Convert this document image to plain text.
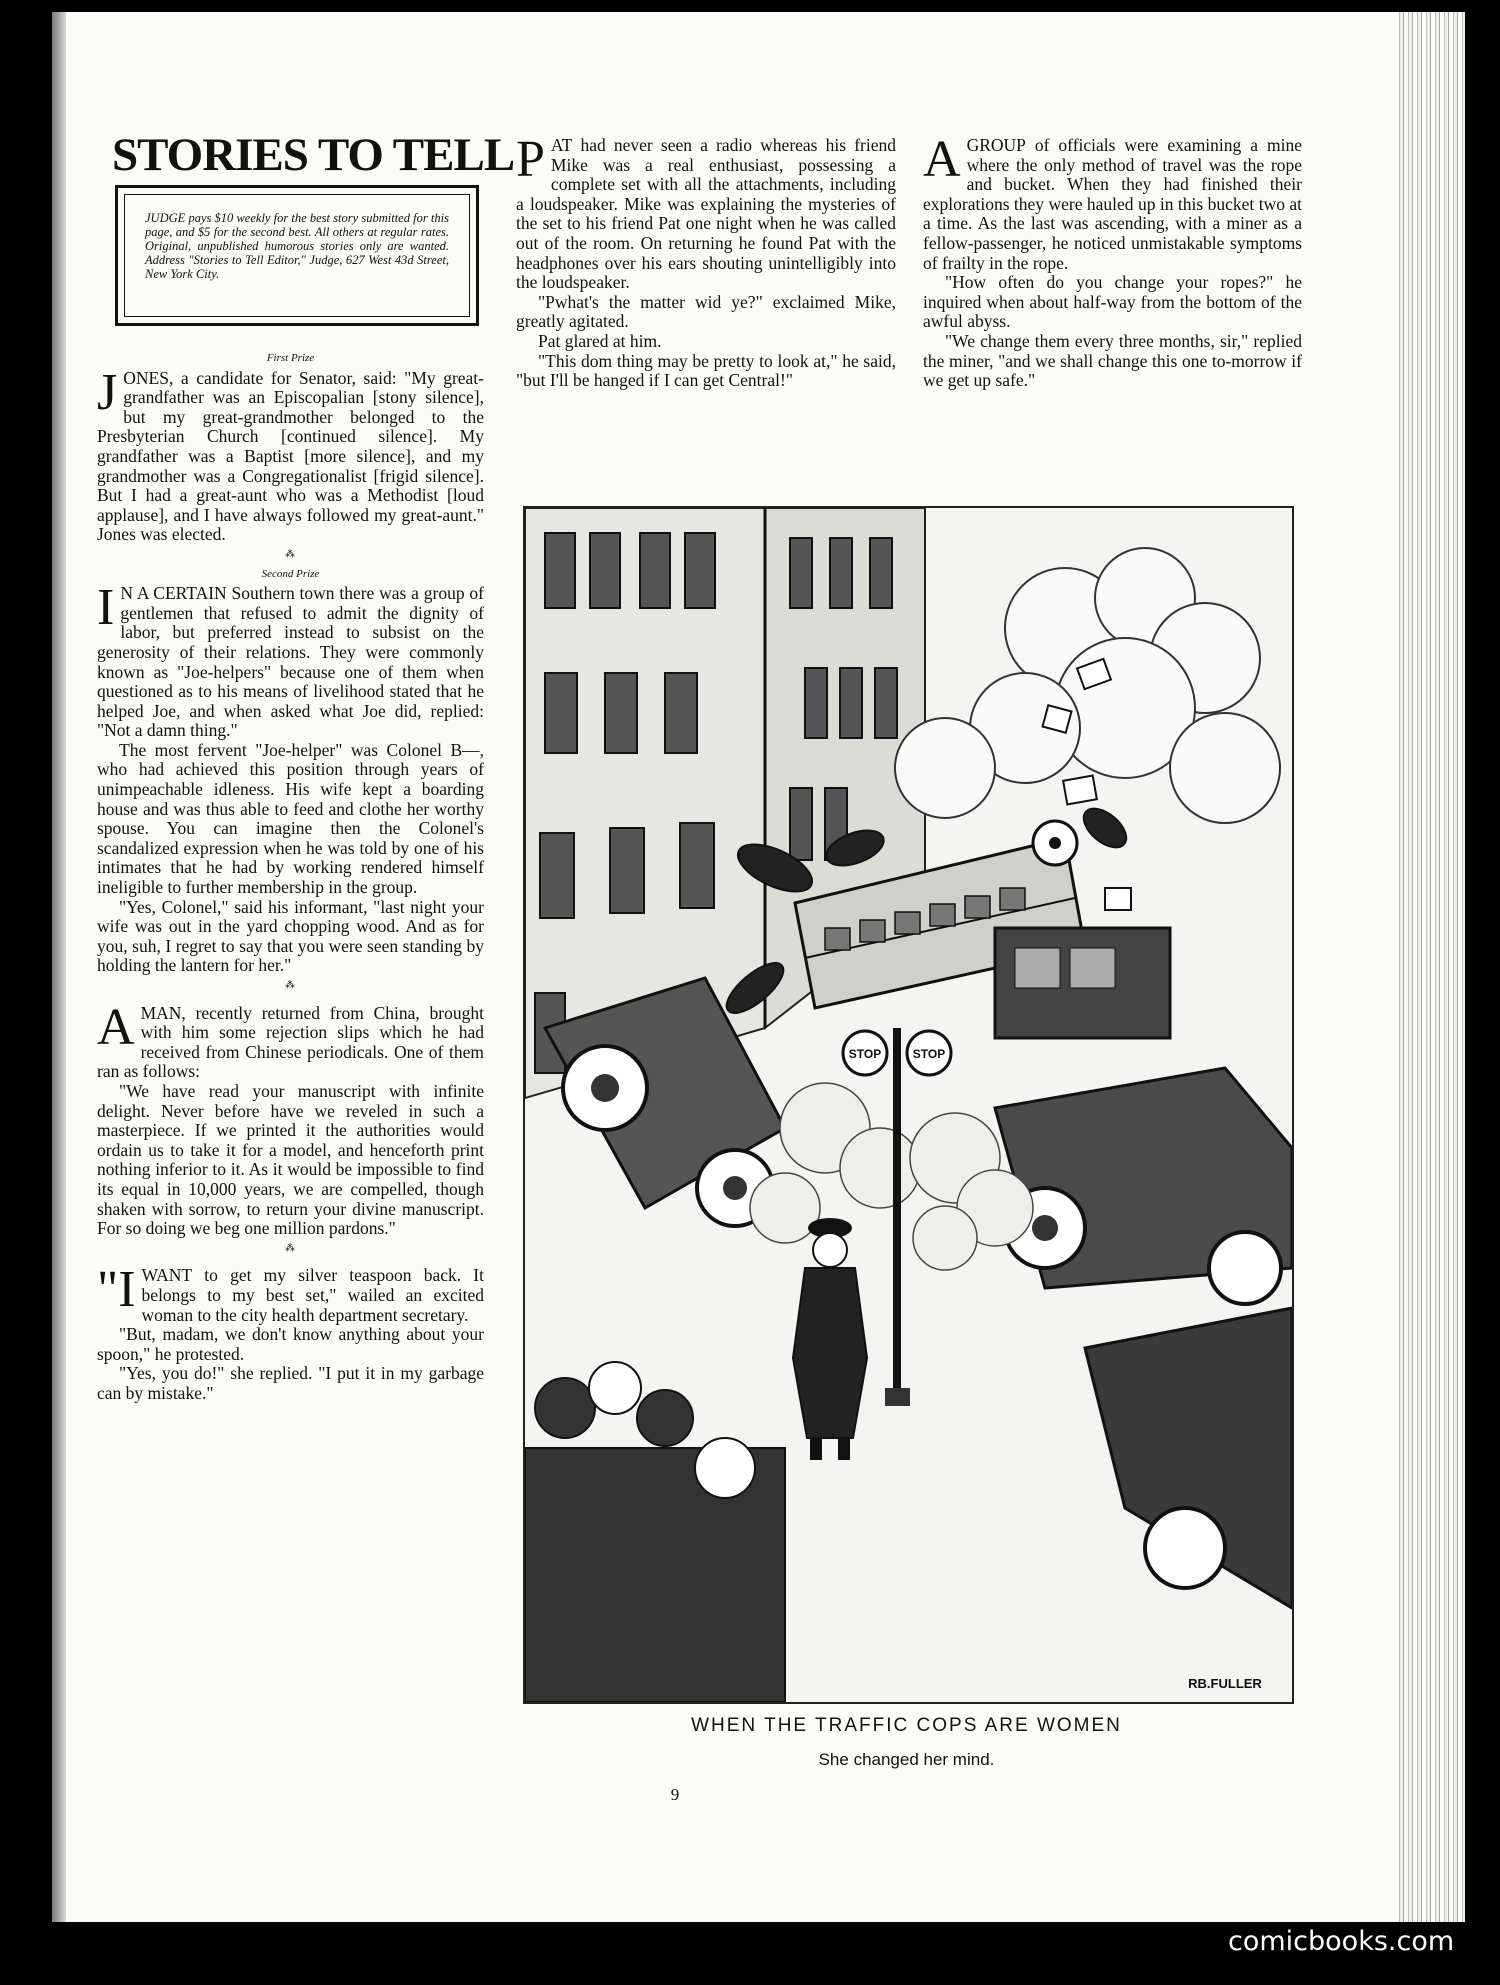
STORIES TO TELL
JUDGE pays $10 weekly for the best story submitted for this page, and $5 for the second best. All others at regular rates. Original, unpublished humorous stories only are wanted. Address "Stories to Tell Editor," Judge, 627 West 43d Street, New York City.

First Prize

JONES, a candidate for Senator, said: "My great-grandfather was an Episcopalian [stony silence], but my great-grandmother belonged to the Presbyterian Church [continued silence]. My grandfather was a Baptist [more silence], and my grandmother was a Congregationalist [frigid silence]. But I had a great-aunt who was a Methodist [loud applause], and I have always followed my great-aunt." Jones was elected.

⁂

Second Prize

I N A CERTAIN Southern town there was a group of gentlemen that refused to admit the dignity of labor, but preferred instead to subsist on the generosity of their relations. They were commonly known as "Joe-helpers" because one of them when questioned as to his means of livelihood stated that he helped Joe, and when asked what Joe did, replied: "Not a damn thing."

The most fervent "Joe-helper" was Colonel B—, who had achieved this position through years of unimpeachable idleness. His wife kept a boarding house and was thus able to feed and clothe her worthy spouse. You can imagine then the Colonel's scandalized expression when he was told by one of his intimates that he had by working rendered himself ineligible to further membership in the group.

"Yes, Colonel," said his informant, "last night your wife was out in the yard chopping wood. And as for you, suh, I regret to say that you were seen standing by holding the lantern for her."

⁂

AMAN, recently returned from China, brought with him some rejection slips which he had received from Chinese periodicals. One of them ran as follows:

"We have read your manuscript with infinite delight. Never before have we reveled in such a masterpiece. If we printed it the authorities would ordain us to take it for a model, and henceforth print nothing inferior to it. As it would be impossible to find its equal in 10,000 years, we are compelled, though shaken with sorrow, to return your divine manuscript. For so doing we beg one million pardons."

⁂

"IWANT to get my silver teaspoon back. It belongs to my best set," wailed an excited woman to the city health department secretary.

"But, madam, we don't know anything about your spoon," he protested.

"Yes, you do!" she replied. "I put it in my garbage can by mistake."

PAT had never seen a radio whereas his friend Mike was a real enthusiast, possessing a complete set with all the attachments, including a loudspeaker. Mike was explaining the mysteries of the set to his friend Pat one night when he was called out of the room. On returning he found Pat with the headphones over his ears shouting unintelligibly into the loudspeaker.

"Pwhat's the matter wid ye?" exclaimed Mike, greatly agitated.

Pat glared at him.

"This dom thing may be pretty to look at," he said, "but I'll be hanged if I can get Central!"

AGROUP of officials were examining a mine where the only method of travel was the rope and bucket. When they had finished their explorations they were hauled up in this bucket two at a time. As the last was ascending, with a miner as a fellow-passenger, he noticed unmistakable symptoms of frailty in the rope.

"How often do you change your ropes?" he inquired when about half-way from the bottom of the awful abyss.

"We change them every three months, sir," replied the miner, "and we shall change this one to-morrow if we get up safe."

STOP	STOP
RB.FULLER
WHEN THE TRAFFIC COPS ARE WOMEN
She changed her mind.
9
comicbooks.com
